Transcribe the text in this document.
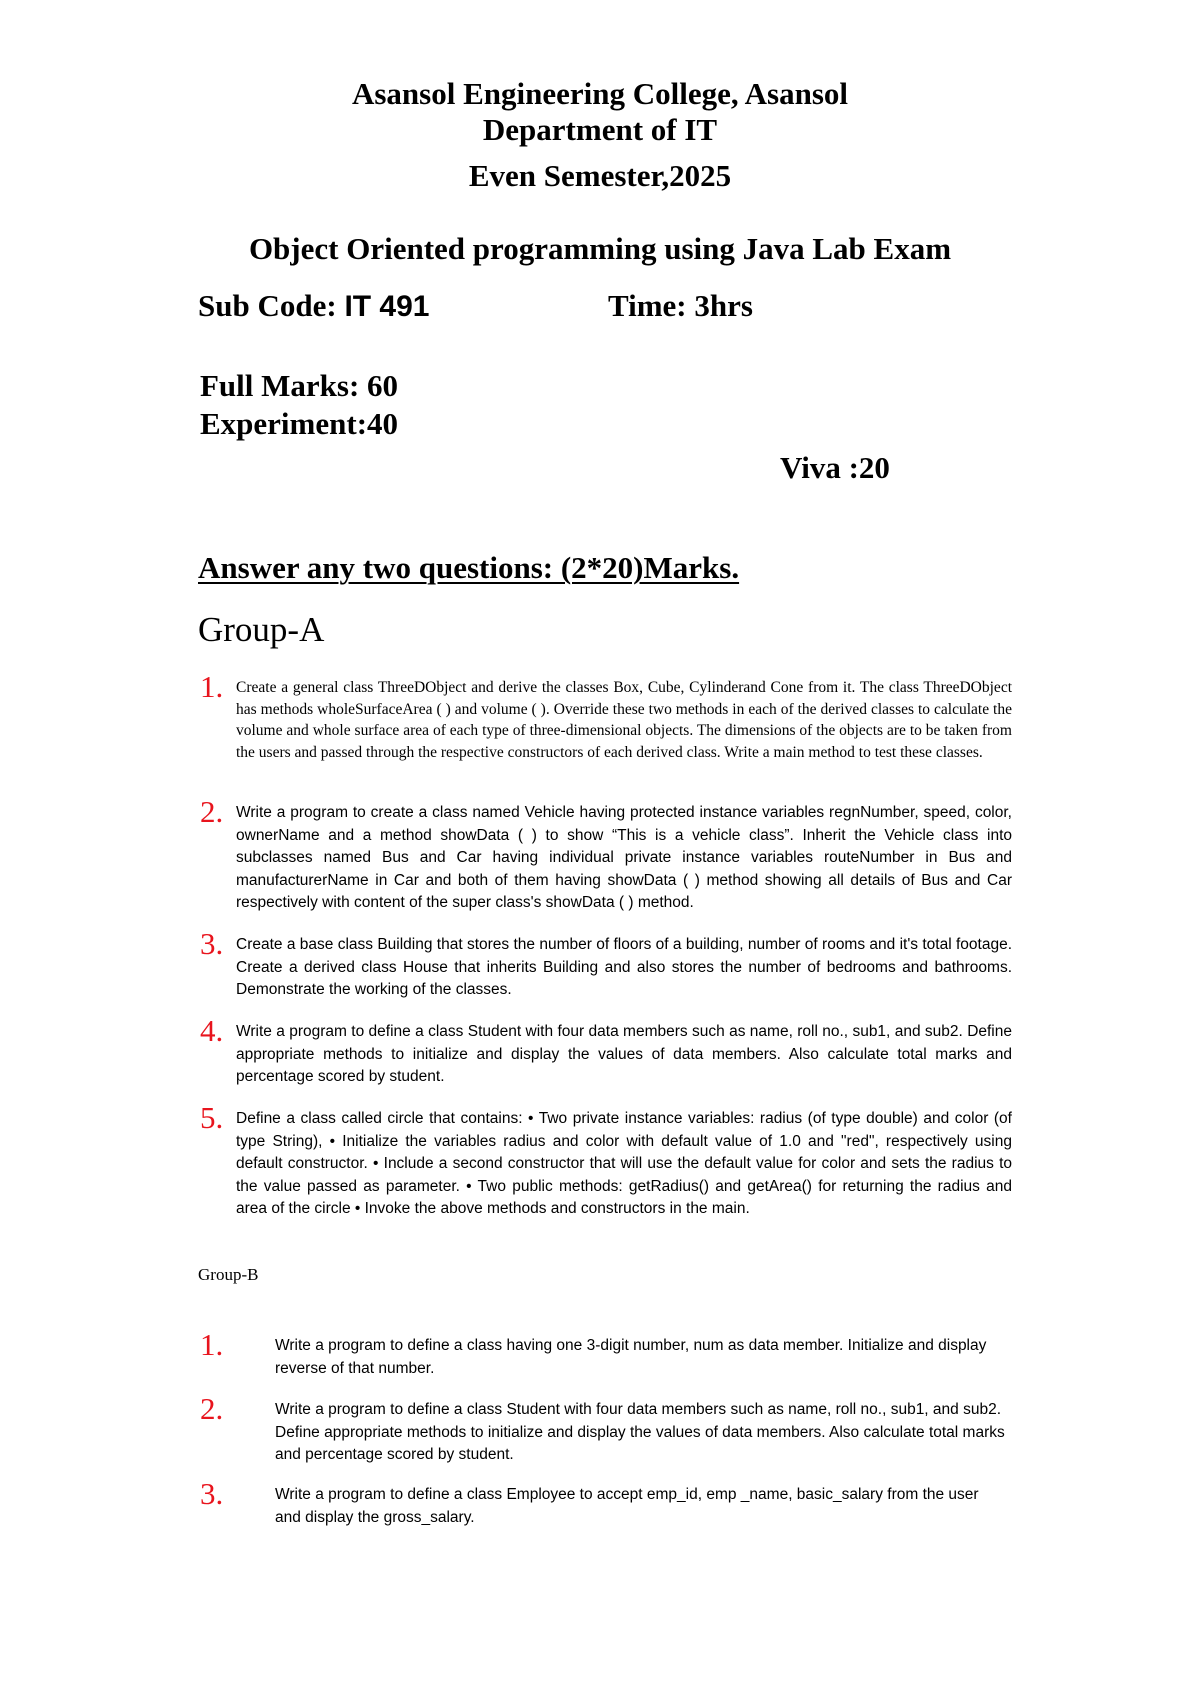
Asansol Engineering College, Asansol
Department of IT
Even Semester,2025
Object Oriented programming using Java Lab Exam
Sub Code: IT 491	Time: 3hrs
Full Marks: 60
Experiment:40
Viva :20
Answer any two questions: (2*20)Marks.
Group-A
1. Create a general class ThreeDObject and derive the classes Box, Cube, Cylinderand Cone from it. The class ThreeDObject has methods wholeSurfaceArea ( ) and volume ( ). Override these two methods in each of the derived classes to calculate the volume and whole surface area of each type of three-dimensional objects. The dimensions of the objects are to be taken from the users and passed through the respective constructors of each derived class. Write a main method to test these classes.
2. Write a program to create a class named Vehicle having protected instance variables regnNumber, speed, color, ownerName and a method showData ( ) to show “This is a vehicle class”. Inherit the Vehicle class into subclasses named Bus and Car having individual private instance variables routeNumber in Bus and manufacturerName in Car and both of them having showData ( ) method showing all details of Bus and Car respectively with content of the super class's showData ( ) method.
3. Create a base class Building that stores the number of floors of a building, number of rooms and it's total footage. Create a derived class House that inherits Building and also stores the number of bedrooms and bathrooms. Demonstrate the working of the classes.
4. Write a program to define a class Student with four data members such as name, roll no., sub1, and sub2. Define appropriate methods to initialize and display the values of data members. Also calculate total marks and percentage scored by student.
5. Define a class called circle that contains: • Two private instance variables: radius (of type double) and color (of type String), • Initialize the variables radius and color with default value of 1.0 and "red", respectively using default constructor. • Include a second constructor that will use the default value for color and sets the radius to the value passed as parameter. • Two public methods: getRadius() and getArea() for returning the radius and area of the circle • Invoke the above methods and constructors in the main.
Group-B
1.	Write a program to define a class having one 3-digit number, num as data member. Initialize and display reverse of that number.
2.	Write a program to define a class Student with four data members such as name, roll no., sub1, and sub2. Define appropriate methods to initialize and display the values of data members. Also calculate total marks and percentage scored by student.
3.	Write a program to define a class Employee to accept emp_id, emp _name, basic_salary from the user and display the gross_salary.
